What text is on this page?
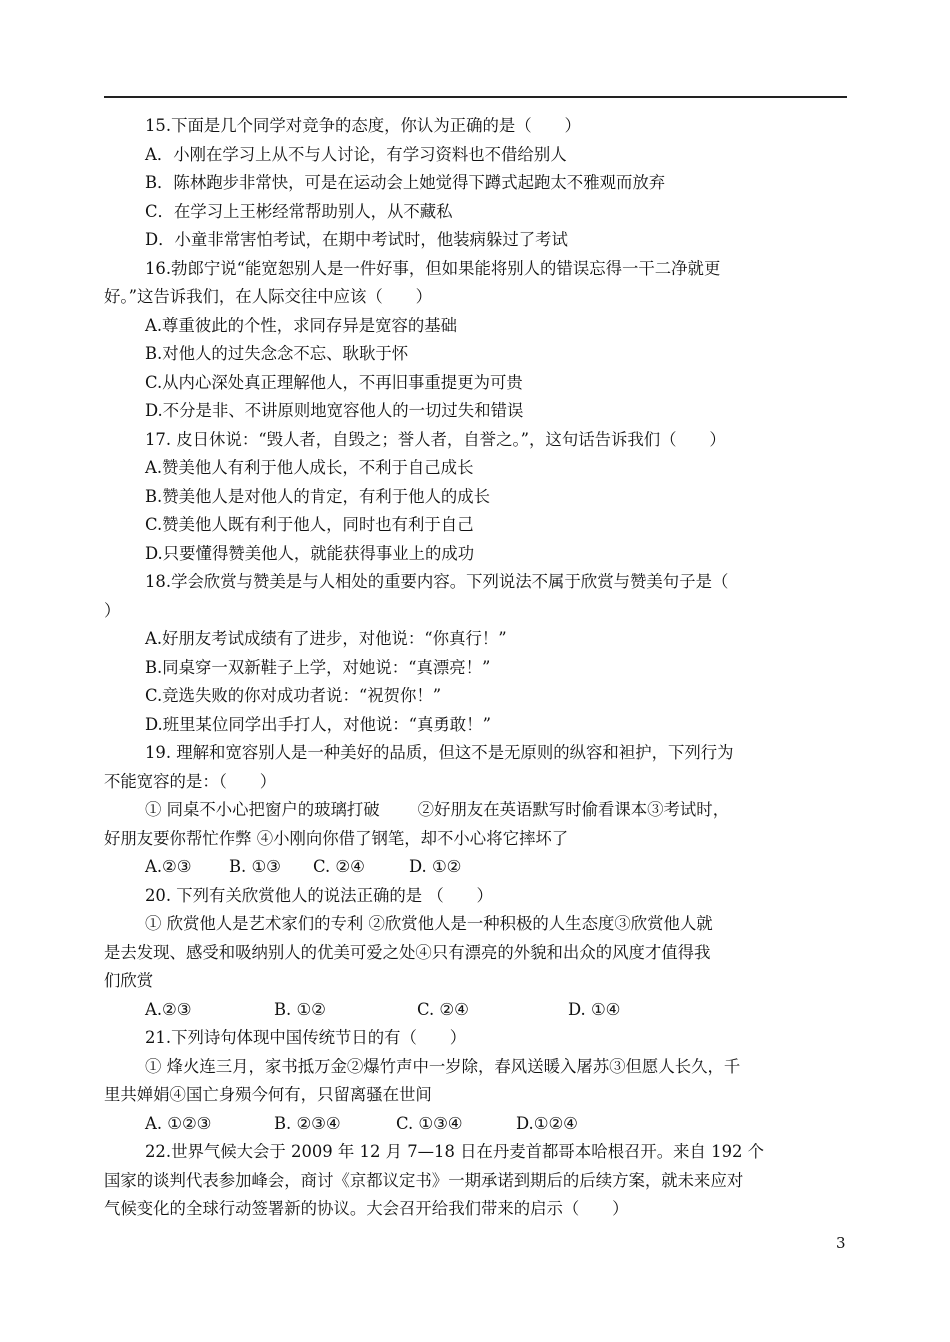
15.下面是几个同学对竞争的态度，你认为正确的是（　　）
A．小刚在学习上从不与人讨论，有学习资料也不借给别人
B．陈林跑步非常快，可是在运动会上她觉得下蹲式起跑太不雅观而放弃
C．在学习上王彬经常帮助别人，从不藏私
D．小童非常害怕考试，在期中考试时，他装病躲过了考试
16.勃郎宁说“能宽恕别人是一件好事，但如果能将别人的错误忘得一干二净就更
好。”这告诉我们，在人际交往中应该（　　）
A.尊重彼此的个性，求同存异是宽容的基础
B.对他人的过失念念不忘、耿耿于怀
C.从内心深处真正理解他人，不再旧事重提更为可贵
D.不分是非、不讲原则地宽容他人的一切过失和错误
17. 皮日休说：“毁人者，自毁之；誉人者，自誉之。”，这句话告诉我们（　　）
A.赞美他人有利于他人成长，不利于自己成长
B.赞美他人是对他人的肯定，有利于他人的成长
C.赞美他人既有利于他人，同时也有利于自己
D.只要懂得赞美他人，就能获得事业上的成功
18.学会欣赏与赞美是与人相处的重要内容。下列说法不属于欣赏与赞美句子是（
）
A.好朋友考试成绩有了进步，对他说：“你真行！”
B.同桌穿一双新鞋子上学，对她说：“真漂亮！”
C.竞选失败的你对成功者说：“祝贺你！”
D.班里某位同学出手打人，对他说：“真勇敢！”
19. 理解和宽容别人是一种美好的品质，但这不是无原则的纵容和袒护，下列行为
不能宽容的是：（　　）
① 同桌不小心把窗户的玻璃打破　　 ②好朋友在英语默写时偷看课本③考试时，
好朋友要你帮忙作弊 ④小刚向你借了钢笔，却不小心将它摔坏了
A.②③	B. ①③	C. ②④	D. ①②
20. 下列有关欣赏他人的说法正确的是 （　　）
① 欣赏他人是艺术家们的专利 ②欣赏他人是一种积极的人生态度③欣赏他人就
是去发现、感受和吸纳别人的优美可爱之处④只有漂亮的外貌和出众的风度才值得我
们欣赏
A.②③	B. ①②	C. ②④	D. ①④
21.下列诗句体现中国传统节日的有（　　）
① 烽火连三月，家书抵万金②爆竹声中一岁除，春风送暖入屠苏③但愿人长久，千
里共婵娟④国亡身殒今何有，只留离骚在世间
A. ①②③	B. ②③④	C. ①③④	D.①②④
22.世界气候大会于 2009 年 12 月 7—18 日在丹麦首都哥本哈根召开。来自 192 个
国家的谈判代表参加峰会，商讨《京都议定书》一期承诺到期后的后续方案，就未来应对
气候变化的全球行动签署新的协议。大会召开给我们带来的启示（　　）
3
